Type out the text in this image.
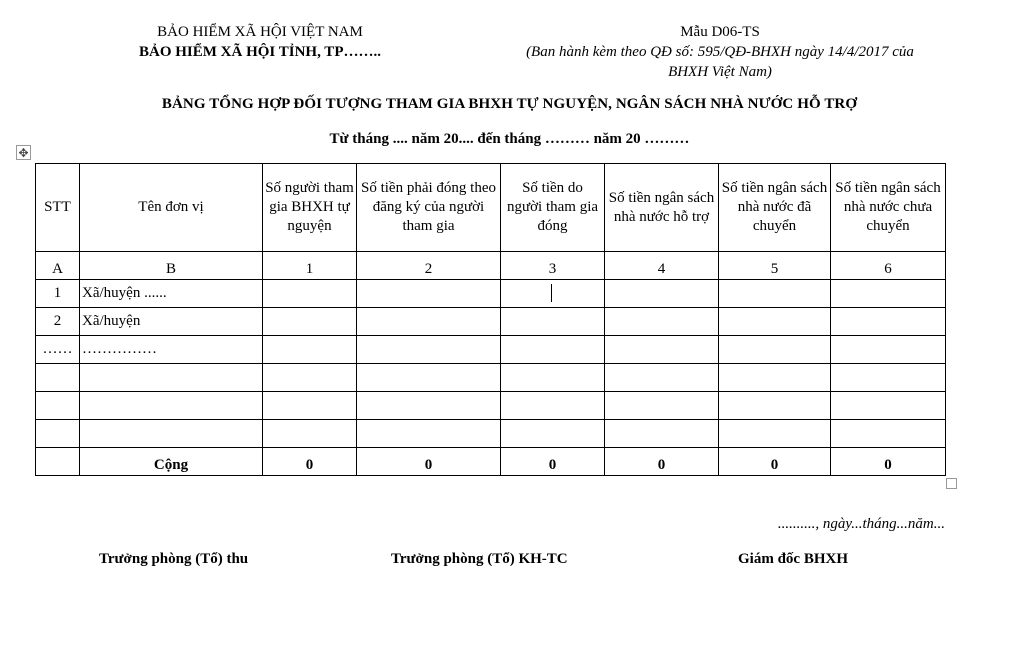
BẢO HIỂM XÃ HỘI VIỆT NAM
BẢO HIỂM XÃ HỘI TỈNH, TP……..
Mẫu D06-TS
(Ban hành kèm theo QĐ số: 595/QĐ-BHXH ngày 14/4/2017 của
BHXH Việt Nam)
BẢNG TỔNG HỢP ĐỐI TƯỢNG THAM GIA BHXH TỰ NGUYỆN, NGÂN SÁCH NHÀ NƯỚC HỖ TRỢ
Từ tháng .... năm 20.... đến tháng ……… năm 20 ………
✥
STT	Tên đơn vị	Số người tham gia BHXH tự nguyện	Số tiền phải đóng theo đăng ký của người tham gia	Số tiền do người tham gia đóng	Số tiền ngân sách nhà nước hỗ trợ	Số tiền ngân sách nhà nước đã chuyển	Số tiền ngân sách nhà nước chưa chuyển
A	B	1	2	3	4	5	6
1	Xã/huyện ......			

2	Xã/huyện						
……	……………						

	Cộng	0	0	0	0	0	0
.........., ngày...tháng...năm...
Trưởng phòng (Tổ) thu	Trưởng phòng (Tổ) KH-TC	Giám đốc BHXH
